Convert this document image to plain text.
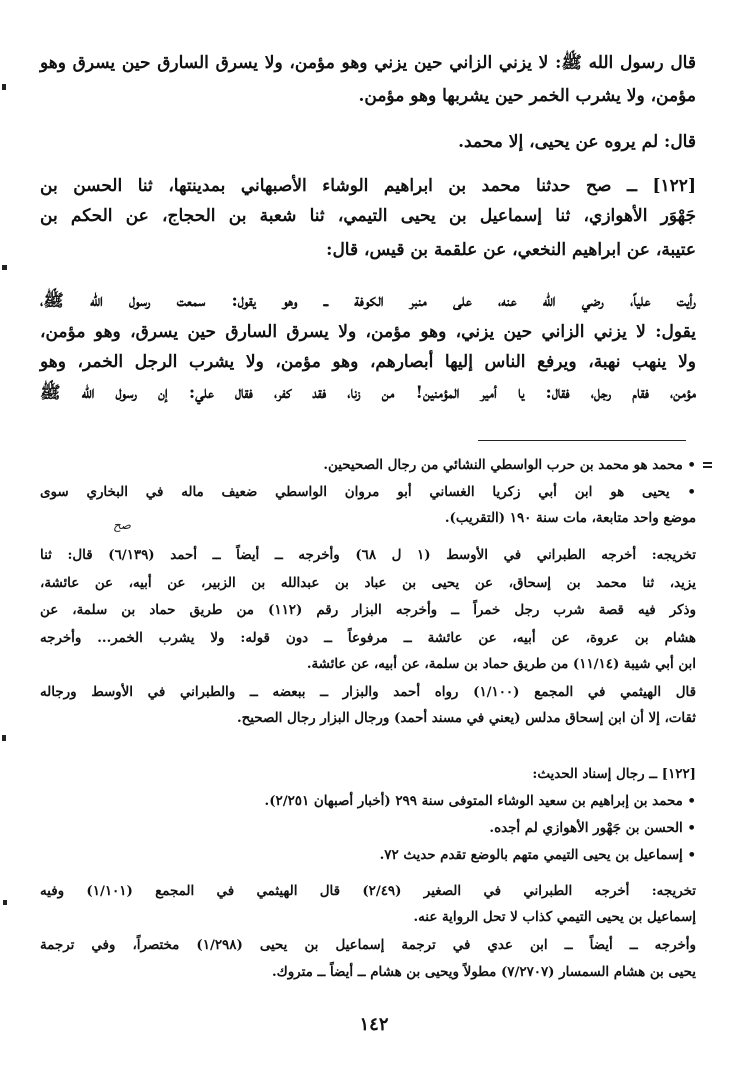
قال رسول الله ﷺ: لا يزني الزاني حين يزني وهو مؤمن، ولا يسرق السارق حين يسرق وهو
مؤمن، ولا يشرب الخمر حين يشربها وهو مؤمن.
قال: لم يروه عن يحيى، إلا محمد.
[١٢٢] ــ صح حدثنا محمد بن ابراهيم الوشاء الأصبهاني بمدينتها، ثنا الحسن بن
جَهْوَر الأهوازي، ثنا إسماعيل بن يحيى التيمي، ثنا شعبة بن الحجاج، عن الحكم بن
عتيبة، عن ابراهيم النخعي، عن علقمة بن قيس، قال:
رأيت علياً، رضي الله عنه، على منبر الكوفة ــ وهو يقول: سمعت رسول الله ﷺ،
يقول: لا يزني الزاني حين يزني، وهو مؤمن، ولا يسرق السارق حين يسرق، وهو مؤمن،
ولا ينهب نهبة، ويرفع الناس إليها أبصارهم، وهو مؤمن، ولا يشرب الرجل الخمر، وهو
مؤمن، فقام رجل، فقال: يا أمير المؤمنين! من زنا، فقد كفر، فقال علي: إن رسول الله ﷺ
• محمد هو محمد بن حرب الواسطي النشائي من رجال الصحيحين.
• يحيى هو ابن أبي زكريا الغساني أبو مروان الواسطي ضعيف ماله في البخاري سوى
موضع واحد متابعة، مات سنة ١٩٠ (التقريب).
تخريجه: أخرجه الطبراني في الأوسط (١ ل ٦٨) وأخرجه ــ أيضاً ــ أحمد (٦/١٣٩) قال: ثنا
يزيد، ثنا محمد بن إسحاق، عن يحيى بن عباد بن عبدالله بن الزبير، عن أبيه، عن عائشة،
وذكر فيه قصة شرب رجل خمراً ــ وأخرجه البزار رقم (١١٢) من طريق حماد بن سلمة، عن
هشام بن عروة، عن أبيه، عن عائشة ــ مرفوعاً ــ دون قوله: ولا يشرب الخمر... وأخرجه
ابن أبي شيبة (١١/١٤) من طريق حماد بن سلمة، عن أبيه، عن عائشة.
قال الهيثمي في المجمع (١/١٠٠) رواه أحمد والبزار ــ ببعضه ــ والطبراني في الأوسط ورجاله
ثقات، إلا أن ابن إسحاق مدلس (يعني في مسند أحمد) ورجال البزار رجال الصحيح.
[١٢٢] ــ رجال إسناد الحديث:
• محمد بن إبراهيم بن سعيد الوشاء المتوفى سنة ٢٩٩ (أخبار أصبهان ٢/٢٥١).
• الحسن بن جَهْور الأهوازي لم أجده.
• إسماعيل بن يحيى التيمي متهم بالوضع تقدم حديث ٧٢.
تخريجه: أخرجه الطبراني في الصغير (٢/٤٩) قال الهيثمي في المجمع (١/١٠١) وفيه
إسماعيل بن يحيى التيمي كذاب لا تحل الرواية عنه.
وأخرجه ــ أيضاً ــ ابن عدي في ترجمة إسماعيل بن يحيى (١/٢٩٨) مختصراً، وفي ترجمة
يحيى بن هشام السمسار (٧/٢٧٠٧) مطولاً ويحيى بن هشام ــ أيضاً ــ متروك.
صح
١٤٢
